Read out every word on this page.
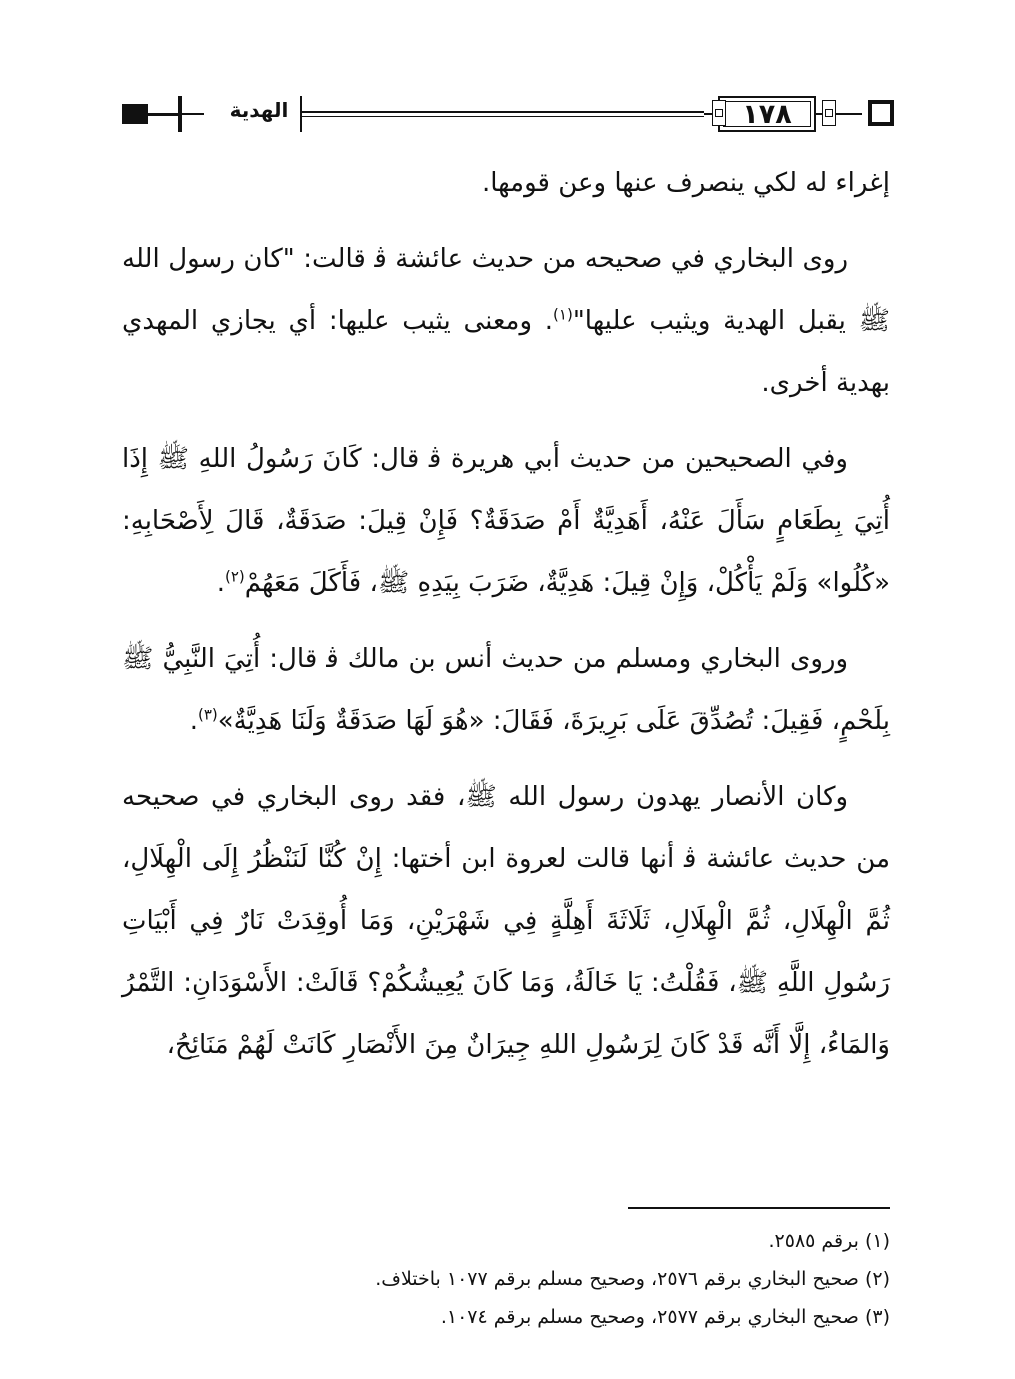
١٧٨
الهدية

إغراء له لكي ينصرف عنها وعن قومها.

روى البخاري في صحيحه من حديث عائشة ﭬ قالت: "كان رسول الله ﷺ يقبل الهدية ويثيب عليها"$^{(١)}$. ومعنى يثيب عليها: أي يجازي المهدي بهدية أخرى.

وفي الصحيحين من حديث أبي هريرة ﭬ قال: كَانَ رَسُولُ اللهِ ﷺ إِذَا أُتِيَ بِطَعَامٍ سَأَلَ عَنْهُ، أَهَدِيَّةٌ أَمْ صَدَقَةٌ؟ فَإِنْ قِيلَ: صَدَقَةٌ، قَالَ لِأَصْحَابِهِ: «كُلُوا» وَلَمْ يَأْكُلْ، وَإِنْ قِيلَ: هَدِيَّةٌ، ضَرَبَ بِيَدِهِ ﷺ، فَأَكَلَ مَعَهُمْ$^{(٢)}$.

وروى البخاري ومسلم من حديث أنس بن مالك ﭬ قال: أُتِيَ النَّبِيُّ ﷺ بِلَحْمٍ، فَقِيلَ: تُصُدِّقَ عَلَى بَرِيرَةَ، فَقَالَ: «هُوَ لَهَا صَدَقَةٌ وَلَنَا هَدِيَّةٌ»$^{(٣)}$.

وكان الأنصار يهدون رسول الله ﷺ، فقد روى البخاري في صحيحه من حديث عائشة ﭬ أنها قالت لعروة ابن أختها: إِنْ كُنَّا لَنَنْظُرُ إِلَى الْهِلَالِ، ثُمَّ الْهِلَالِ، ثُمَّ الْهِلَالِ، ثَلَاثَةَ أَهِلَّةٍ فِي شَهْرَيْنِ، وَمَا أُوقِدَتْ نَارٌ فِي أَبْيَاتِ رَسُولِ اللَّهِ ﷺ، فَقُلْتُ: يَا خَالَةُ، وَمَا كَانَ يُعِيشُكُمْ؟ قَالَتْ: الأَسْوَدَانِ: التَّمْرُ وَالمَاءُ، إِلَّا أَنَّه قَدْ كَانَ لِرَسُولِ اللهِ جِيرَانٌ مِنَ الأَنْصَارِ كَانَتْ لَهُمْ مَنَائِحُ،

(١) برقم ٢٥٨٥.

(٢) صحيح البخاري برقم ٢٥٧٦، وصحيح مسلم برقم ١٠٧٧ باختلاف.

(٣) صحيح البخاري برقم ٢٥٧٧، وصحيح مسلم برقم ١٠٧٤.
